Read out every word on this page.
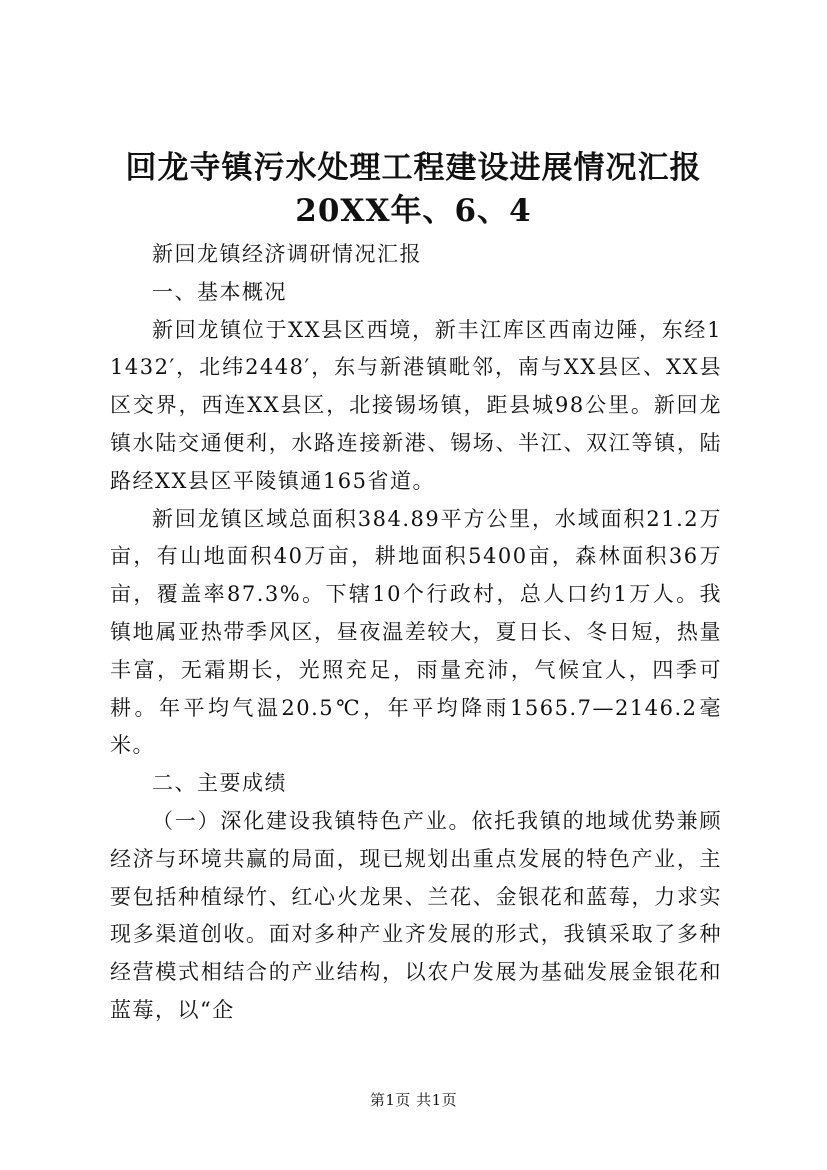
回龙寺镇污水处理工程建设进展情况汇报
20XX年、6、4

新回龙镇经济调研情况汇报

一、基本概况

新回龙镇位于XX县区西境，新丰江库区西南边陲，东经11432′，北纬2448′，东与新港镇毗邻，南与XX县区、XX县区交界，西连XX县区，北接锡场镇，距县城98公里。新回龙镇水陆交通便利，水路连接新港、锡场、半江、双江等镇，陆路经XX县区平陵镇通165省道。

新回龙镇区域总面积384.89平方公里，水域面积21.2万亩，有山地面积40万亩，耕地面积5400亩，森林面积36万亩，覆盖率87.3%。下辖10个行政村，总人口约1万人。我镇地属亚热带季风区，昼夜温差较大，夏日长、冬日短，热量丰富，无霜期长，光照充足，雨量充沛，气候宜人，四季可耕。年平均气温20.5℃，年平均降雨1565.7—2146.2毫米。

二、主要成绩

（一）深化建设我镇特色产业。依托我镇的地域优势兼顾经济与环境共赢的局面，现已规划出重点发展的特色产业，主要包括种植绿竹、红心火龙果、兰花、金银花和蓝莓，力求实现多渠道创收。面对多种产业齐发展的形式，我镇采取了多种经营模式相结合的产业结构，以农户发展为基础发展金银花和蓝莓，以“企

第1页 共1页
